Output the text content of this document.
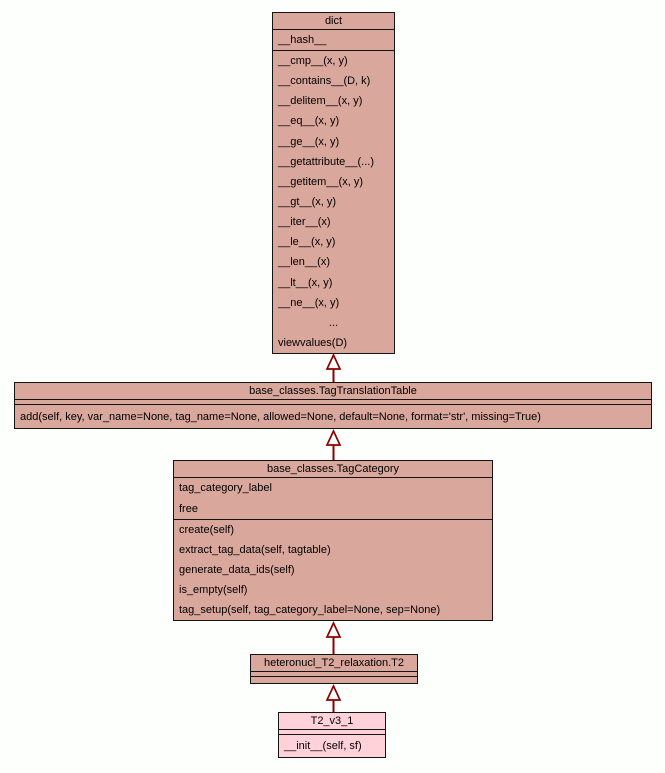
dict
__hash__
__cmp__(x, y)
__contains__(D, k)
__delitem__(x, y)
__eq__(x, y)
__ge__(x, y)
__getattribute__(...)
__getitem__(x, y)
__gt__(x, y)
__iter__(x)
__le__(x, y)
__len__(x)
__lt__(x, y)
__ne__(x, y)
...
viewvalues(D)
base_classes.TagTranslationTable
add(self, key, var_name=None, tag_name=None, allowed=None, default=None, format='str', missing=True)
base_classes.TagCategory
tag_category_label
free
create(self)
extract_tag_data(self, tagtable)
generate_data_ids(self)
is_empty(self)
tag_setup(self, tag_category_label=None, sep=None)
heteronucl_T2_relaxation.T2
T2_v3_1
__init__(self, sf)
